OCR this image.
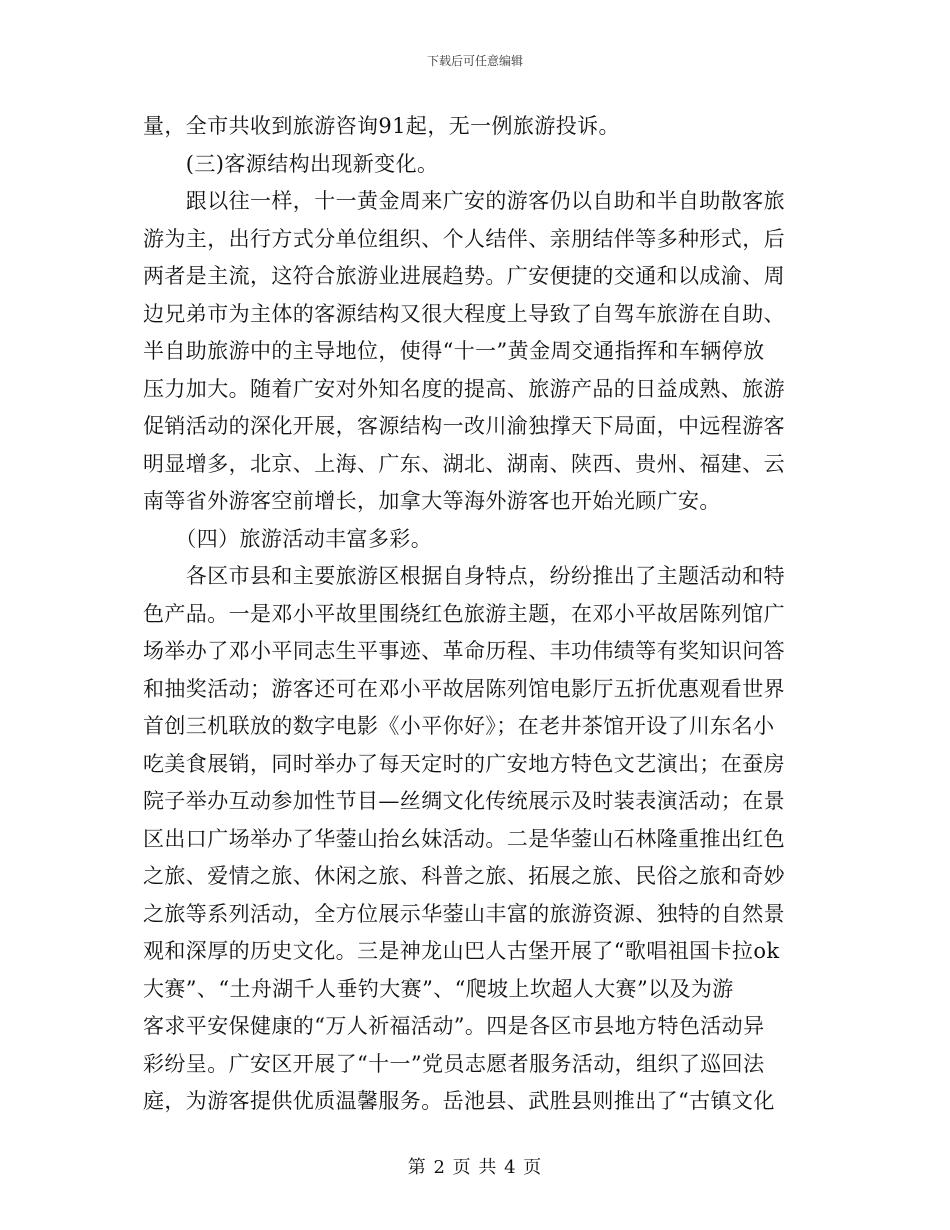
下载后可任意编辑
量，全市共收到旅游咨询91起，无一例旅游投诉。
　　(三)客源结构出现新变化。
　　跟以往一样，十一黄金周来广安的游客仍以自助和半自助散客旅
游为主，出行方式分单位组织、个人结伴、亲朋结伴等多种形式，后
两者是主流，这符合旅游业进展趋势。广安便捷的交通和以成渝、周
边兄弟市为主体的客源结构又很大程度上导致了自驾车旅游在自助、
半自助旅游中的主导地位，使得“十一”黄金周交通指挥和车辆停放
压力加大。随着广安对外知名度的提高、旅游产品的日益成熟、旅游
促销活动的深化开展，客源结构一改川渝独撑天下局面，中远程游客
明显增多，北京、上海、广东、湖北、湖南、陕西、贵州、福建、云
南等省外游客空前增长，加拿大等海外游客也开始光顾广安。
　　（四）旅游活动丰富多彩。
　　各区市县和主要旅游区根据自身特点，纷纷推出了主题活动和特
色产品。一是邓小平故里围绕红色旅游主题，在邓小平故居陈列馆广
场举办了邓小平同志生平事迹、革命历程、丰功伟绩等有奖知识问答
和抽奖活动；游客还可在邓小平故居陈列馆电影厅五折优惠观看世界
首创三机联放的数字电影《小平你好》；在老井茶馆开设了川东名小
吃美食展销，同时举办了每天定时的广安地方特色文艺演出；在蚕房
院子举办互动参加性节目—丝绸文化传统展示及时装表演活动；在景
区出口广场举办了华蓥山抬幺妹活动。二是华蓥山石林隆重推出红色
之旅、爱情之旅、休闲之旅、科普之旅、拓展之旅、民俗之旅和奇妙
之旅等系列活动，全方位展示华蓥山丰富的旅游资源、独特的自然景
观和深厚的历史文化。三是神龙山巴人古堡开展了“歌唱祖国卡拉ok
大赛”、“土舟湖千人垂钓大赛”、“爬坡上坎超人大赛”以及为游
客求平安保健康的“万人祈福活动”。四是各区市县地方特色活动异
彩纷呈。广安区开展了“十一”党员志愿者服务活动，组织了巡回法
庭，为游客提供优质温馨服务。岳池县、武胜县则推出了“古镇文化
第 2 页 共 4 页
